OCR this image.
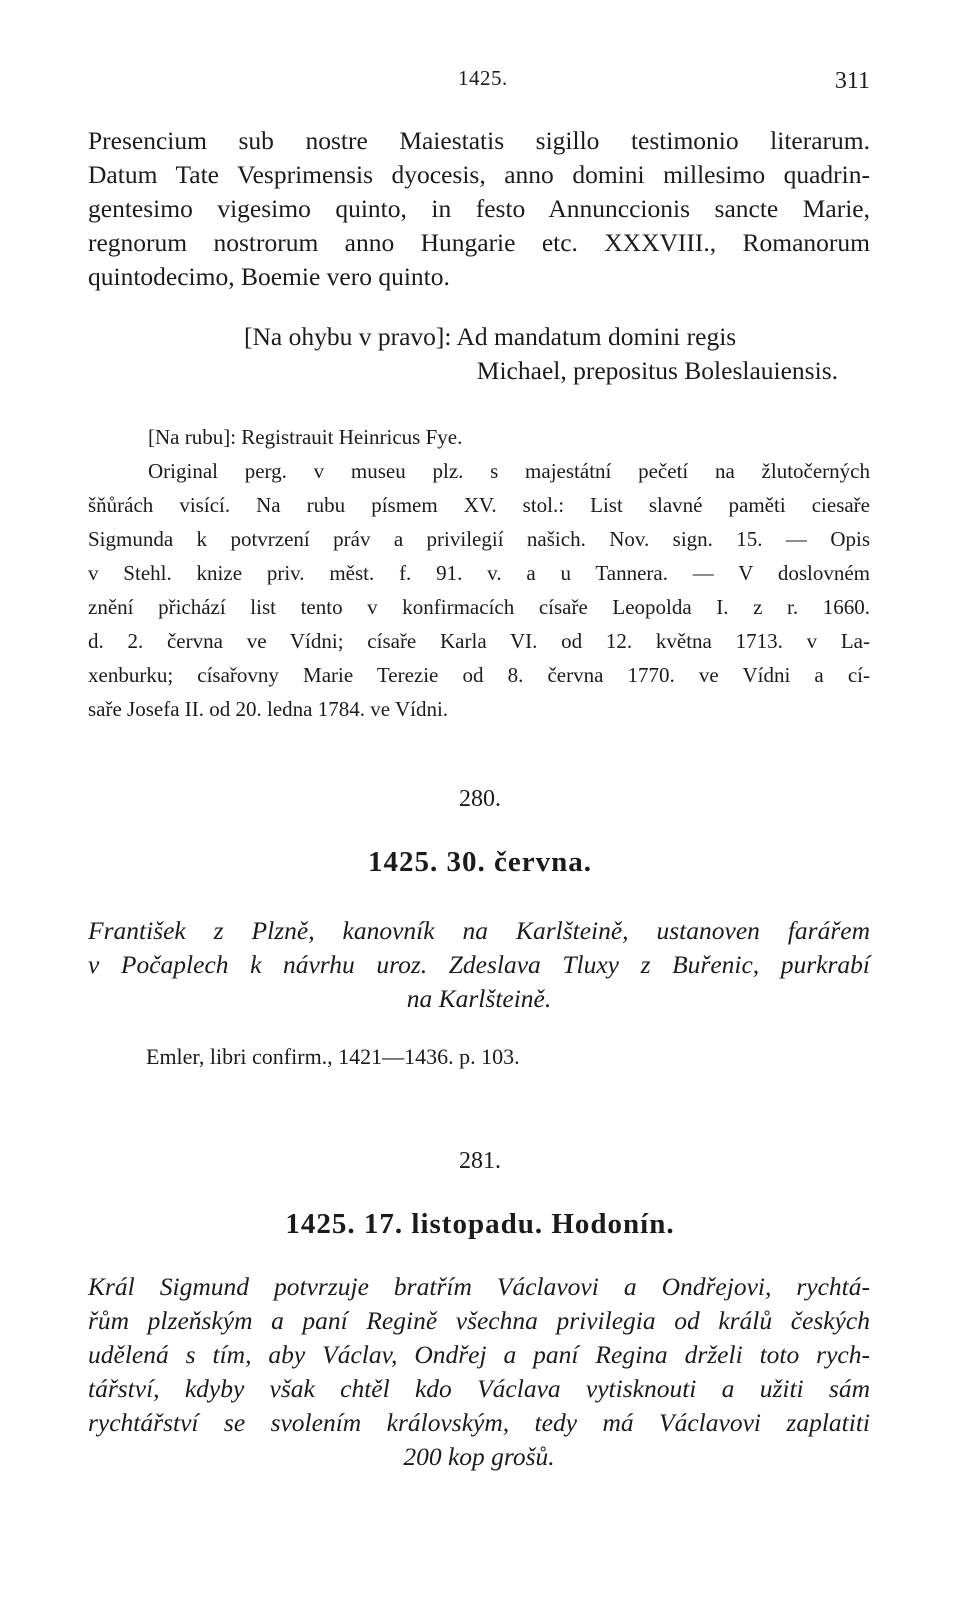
1425.	311
Presencium sub nostre Maiestatis sigillo testimonio literarum.
Datum Tate Vesprimensis dyocesis, anno domini millesimo quadrin-
gentesimo vigesimo quinto, in festo Annunccionis sancte Marie,
regnorum nostrorum anno Hungarie etc. XXXVIII., Romanorum
quintodecimo, Boemie vero quinto.
[Na ohybu v pravo]: Ad mandatum domini regis
Michael, prepositus Boleslauiensis.
[Na rubu]: Registrauit Heinricus Fye.
Original perg. v museu plz. s majestátní pečetí na žlutočerných
šňůrách visící. Na rubu písmem XV. stol.: List slavné paměti ciesaře
Sigmunda k potvrzení práv a privilegií našich. Nov. sign. 15. — Opis
v Stehl. knize priv. měst. f. 91. v. a u Tannera. — V doslovném
znění přichází list tento v konfirmacích císaře Leopolda I. z r. 1660.
d. 2. června ve Vídni; císaře Karla VI. od 12. května 1713. v La-
xenburku; císařovny Marie Terezie od 8. června 1770. ve Vídni a cí-
saře Josefa II. od 20. ledna 1784. ve Vídni.
280.
1425. 30. června.
František z Plzně, kanovník na Karlšteině, ustanoven farářem
v Počaplech k návrhu uroz. Zdeslava Tluxy z Buřenic, purkrabí
na Karlšteině.
Emler, libri confirm., 1421—1436. p. 103.
281.
1425. 17. listopadu. Hodonín.
Král Sigmund potvrzuje bratřím Václavovi a Ondřejovi, rychtá-
řům plzeňským a paní Regině všechna privilegia od králů českých
udělená s tím, aby Václav, Ondřej a paní Regina drželi toto rych-
tářství, kdyby však chtěl kdo Václava vytisknouti a užiti sám
rychtářství se svolením královským, tedy má Václavovi zaplatiti
200 kop grošů.
